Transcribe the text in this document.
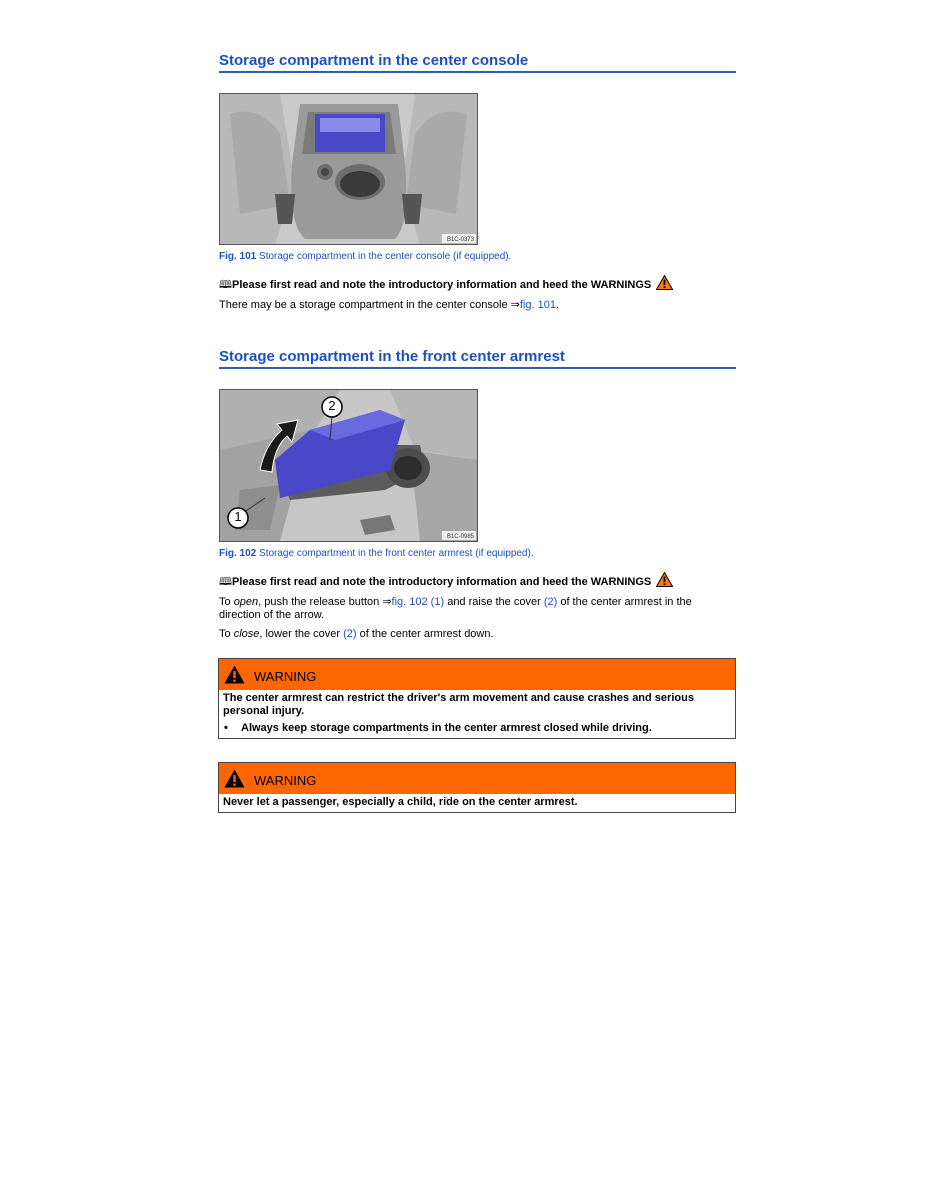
Storage compartment in the center console
B1C-0373
Fig. 101 Storage compartment in the center console (if equipped).
🕮Please first read and note the introductory information and heed the WARNINGS
There may be a storage compartment in the center console ⇒fig. 101.
Storage compartment in the front center armrest
1
2
B1C-0985
Fig. 102 Storage compartment in the front center armrest (if equipped).
🕮Please first read and note the introductory information and heed the WARNINGS
To open, push the release button ⇒fig. 102 (1) and raise the cover (2) of the center armrest in the direction of the arrow.
To close, lower the cover (2) of the center armrest down.
WARNING
The center armrest can restrict the driver's arm movement and cause crashes and serious personal injury.
•	Always keep storage compartments in the center armrest closed while driving.
WARNING
Never let a passenger, especially a child, ride on the center armrest.
